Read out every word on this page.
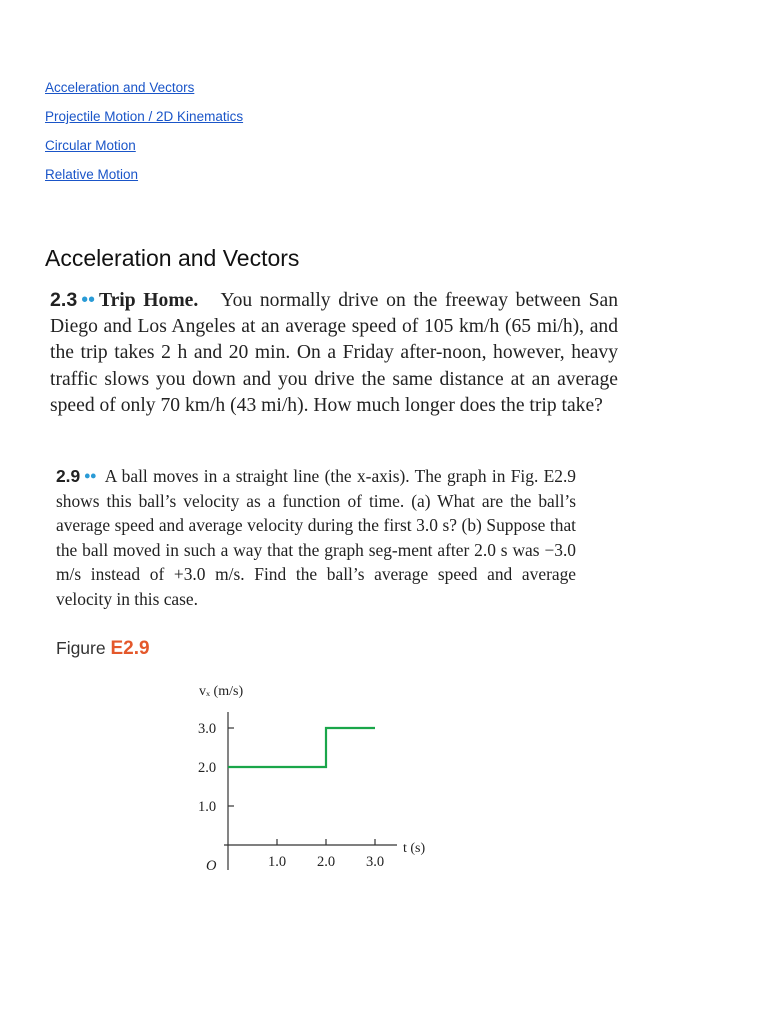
Acceleration and Vectors
Projectile Motion / 2D Kinematics
Circular Motion
Relative Motion
Acceleration and Vectors

2.3 •• Trip Home. You normally drive on the freeway between San Diego and Los Angeles at an average speed of 105 km/h (65 mi/h), and the trip takes 2 h and 20 min. On a Friday after-noon, however, heavy traffic slows you down and you drive the same distance at an average speed of only 70 km/h (43 mi/h). How much longer does the trip take?

2.9 •• A ball moves in a straight line (the x-axis). The graph in Fig. E2.9 shows this ball’s velocity as a function of time. (a) What are the ball’s average speed and average velocity during the first 3.0 s? (b) Suppose that the ball moved in such a way that the graph seg-ment after 2.0 s was −3.0 m/s instead of +3.0 m/s. Find the ball’s average speed and average velocity in this case.

Figure E2.9
vₓ (m/s)
t (s)
O
1.0
2.0
3.0
1.0 2.0 3.0
